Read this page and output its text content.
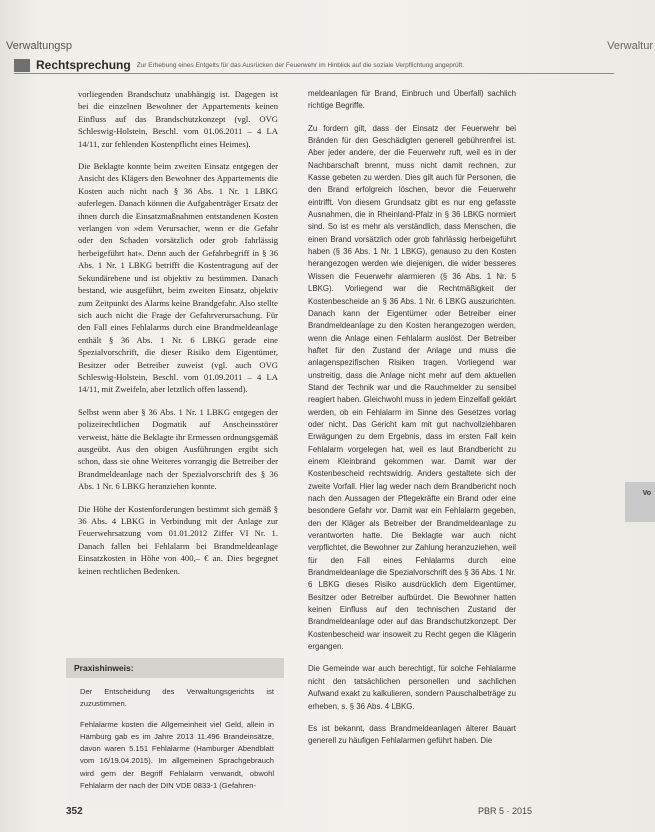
Verwaltungsp	Verwaltur
Rechtsprechung Zur Erhebung eines Entgelts für das Ausrücken der Feuerwehr im Hinblick auf die soziale Verpflichtung angeprüft.

vorliegenden Brandschutz unabhängig ist. Dagegen ist bei die einzelnen Bewohner der Appartements keinen Einfluss auf das Brandschutzkonzept (vgl. OVG Schleswig-Holstein, Beschl. vom 01.06.2011 – 4 LA 14/11, zur fehlenden Kostenpflicht eines Heimes).

Die Beklagte konnte beim zweiten Einsatz entgegen der Ansicht des Klägers den Bewohner des Appartements die Kosten auch nicht nach § 36 Abs. 1 Nr. 1 LBKG auferlegen. Danach können die Aufgabenträger Ersatz der ihnen durch die Einsatzmaßnahmen entstandenen Kosten verlangen von »dem Verursacher, wenn er die Gefahr oder den Schaden vorsätzlich oder grob fahrlässig herbeigeführt hat«. Denn auch der Gefahrbegriff in § 36 Abs. 1 Nr. 1 LBKG betrifft die Kostentragung auf der Sekundärebene und ist objektiv zu bestimmen. Danach bestand, wie ausgeführt, beim zweiten Einsatz, objektiv zum Zeitpunkt des Alarms keine Brandgefahr. Also stellte sich auch nicht die Frage der Gefahrverursachung. Für den Fall eines Fehlalarms durch eine Brandmeldeanlage enthält § 36 Abs. 1 Nr. 6 LBKG gerade eine Spezialvorschrift, die dieser Risiko dem Eigentümer, Besitzer oder Betreiber zuweist (vgl. auch OVG Schleswig-Holstein, Beschl. vom 01.09.2011 – 4 LA 14/11, mit Zweifeln, aber letztlich offen lassend).

Selbst wenn aber § 36 Abs. 1 Nr. 1 LBKG entgegen der polizeirechtlichen Dogmatik auf Anscheinsstörer verweist, hätte die Beklagte ihr Ermessen ordnungsgemäß ausgeübt. Aus den obigen Ausführungen ergibt sich schon, dass sie ohne Weiteres vorrangig die Betreiber der Brandmeldeanlage nach der Spezialvorschrift des § 36 Abs. 1 Nr. 6 LBKG heranziehen konnte.

Die Höhe der Kostenforderungen bestimmt sich gemäß § 36 Abs. 4 LBKG in Verbindung mit der Anlage zur Feuerwehrsatzung vom 01.01.2012 Ziffer VI Nr. 1. Danach fallen bei Fehlalarm bei Brandmeldeanlage Einsatzkosten in Höhe von 400,– € an. Dies begegnet keinen rechtlichen Bedenken.

Praxishinweis:

Der Entscheidung des Verwaltungsgerichts ist zuzustimmen.

Fehlalarme kosten die Allgemeinheit viel Geld, allein in Hamburg gab es im Jahre 2013 11.496 Brandeinsätze, davon waren 5.151 Fehlalarme (Hamburger Abendblatt vom 16/19.04.2015). Im allgemeinen Sprachgebrauch wird gern der Begriff Fehlalarm verwandt, obwohl Fehlalarm der nach der DIN VDE 0833-1 (Gefahren-

meldeanlagen für Brand, Einbruch und Überfall) sachlich richtige Begriffe.

Zu fordern gilt, dass der Einsatz der Feuerwehr bei Bränden für den Geschädigten generell gebührenfrei ist. Aber jeder andere, der die Feuerwehr ruft, weil es in der Nachbarschaft brennt, muss nicht damit rechnen, zur Kasse gebeten zu werden. Dies gilt auch für Personen, die den Brand erfolgreich löschen, bevor die Feuerwehr eintrifft. Von diesem Grundsatz gibt es nur eng gefasste Ausnahmen, die in Rheinland-Pfalz in § 36 LBKG normiert sind. So ist es mehr als verständlich, dass Menschen, die einen Brand vorsätzlich oder grob fahrlässig herbeigeführt haben (§ 36 Abs. 1 Nr. 1 LBKG), genauso zu den Kosten herangezogen werden wie diejenigen, die wider besseres Wissen die Feuerwehr alarmieren (§ 36 Abs. 1 Nr. 5 LBKG). Vorliegend war die Rechtmäßigkeit der Kostenbescheide an § 36 Abs. 1 Nr. 6 LBKG auszurichten. Danach kann der Eigentümer oder Betreiber einer Brandmeldeanlage zu den Kosten herangezogen werden, wenn die Anlage einen Fehlalarm auslöst. Der Betreiber haftet für den Zustand der Anlage und muss die anlagenspezifischen Risiken tragen. Vorliegend war unstreitig, dass die Anlage nicht mehr auf dem aktuellen Stand der Technik war und die Rauchmelder zu sensibel reagiert haben. Gleichwohl muss in jedem Einzelfall geklärt werden, ob ein Fehlalarm im Sinne des Gesetzes vorlag oder nicht. Das Gericht kam mit gut nachvollziehbaren Erwägungen zu dem Ergebnis, dass im ersten Fall kein Fehlalarm vorgelegen hat, weil es laut Brandbericht zu einem Kleinbrand gekommen war. Damit war der Kostenbescheid rechtswidrig. Anders gestaltete sich der zweite Vorfall. Hier lag weder nach dem Brandbericht noch nach den Aussagen der Pflegekräfte ein Brand oder eine besondere Gefahr vor. Damit war ein Fehlalarm gegeben, den der Kläger als Betreiber der Brandmeldeanlage zu verantworten hatte. Die Beklagte war auch nicht verpflichtet, die Bewohner zur Zahlung heranzuziehen, weil für den Fall eines Fehlalarms durch eine Brandmeldeanlage die Spezialvorschrift des § 36 Abs. 1 Nr. 6 LBKG dieses Risiko ausdrücklich dem Eigentümer, Besitzer oder Betreiber aufbürdet. Die Bewohner hatten keinen Einfluss auf den technischen Zustand der Brandmeldeanlage oder auf das Brandschutzkonzept. Der Kostenbescheid war insoweit zu Recht gegen die Klägerin ergangen.

Die Gemeinde war auch berechtigt, für solche Fehlalarme nicht den tatsächlichen personellen und sachlichen Aufwand exakt zu kalkulieren, sondern Pauschalbeträge zu erheben, s. § 36 Abs. 4 LBKG.

Es ist bekannt, dass Brandmeldeanlagen älterer Bauart generell zu häufigen Fehlalarmen geführt haben. Die

Vo
352	PBR 5 · 2015
